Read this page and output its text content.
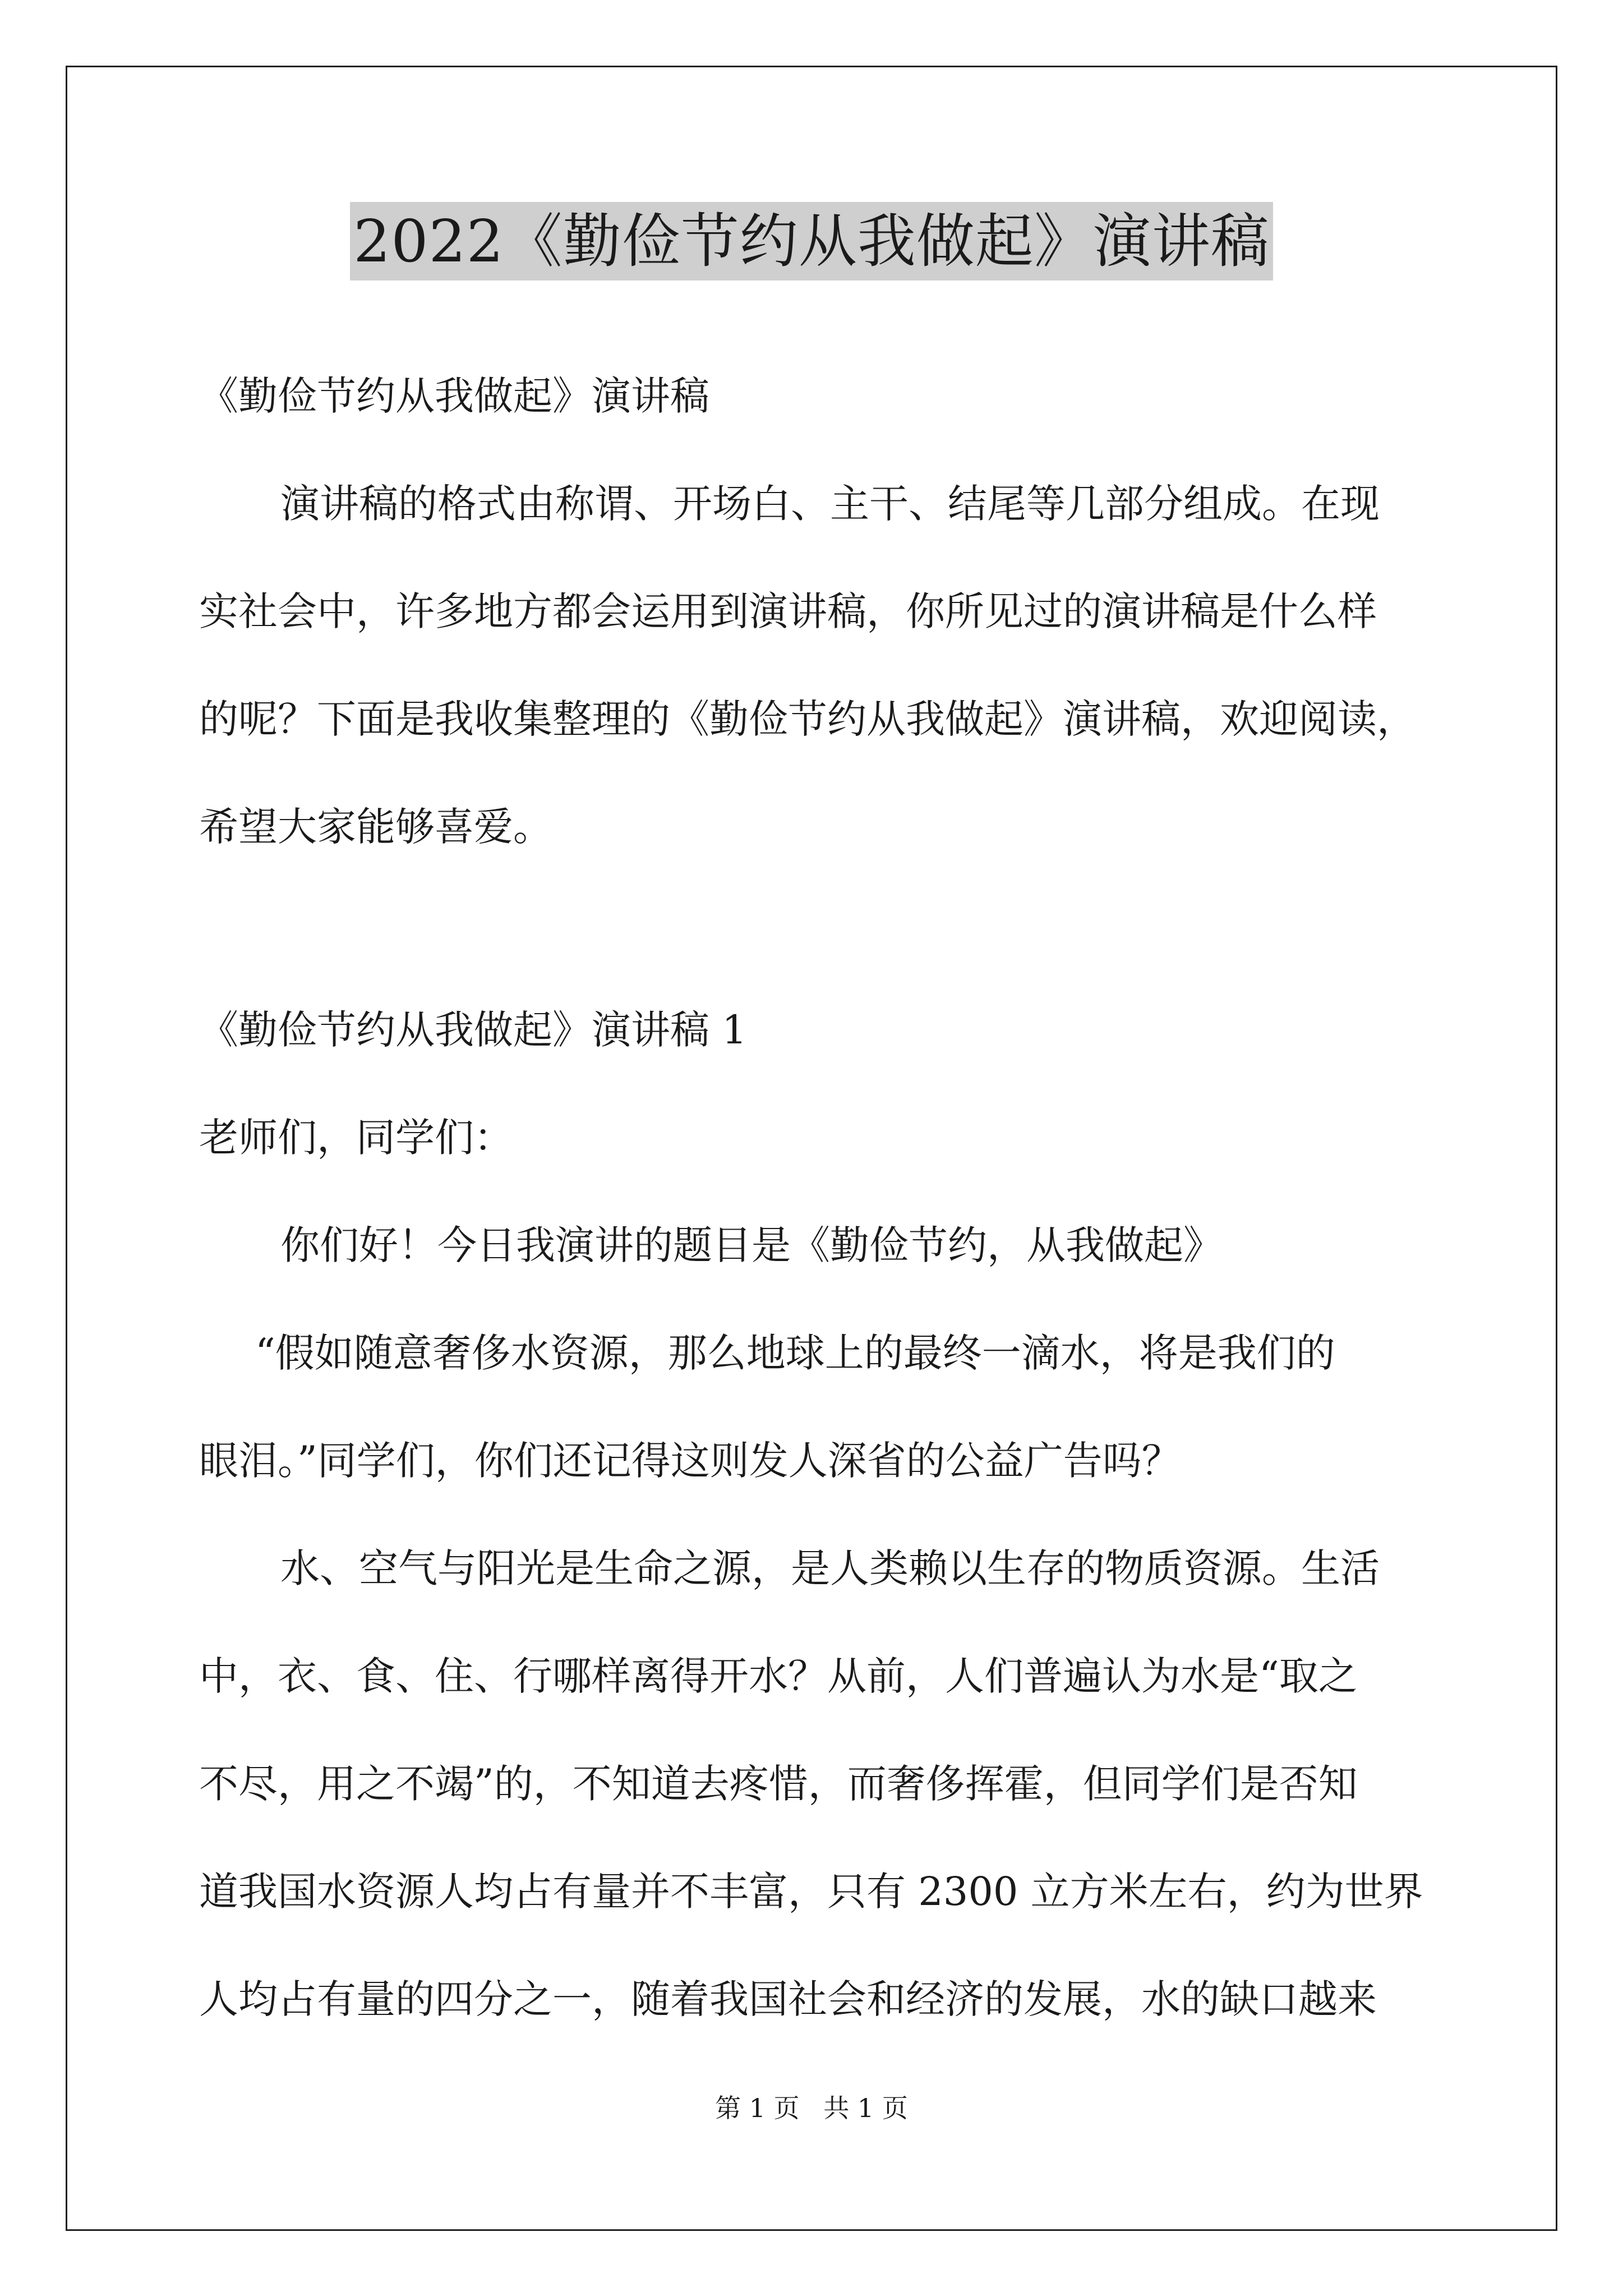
2022《勤俭节约从我做起》演讲稿

《勤俭节约从我做起》演讲稿

演讲稿的格式由称谓、开场白、主干、结尾等几部分组成。在现

实社会中，许多地方都会运用到演讲稿，你所见过的演讲稿是什么样

的呢？下面是我收集整理的《勤俭节约从我做起》演讲稿，欢迎阅读，

希望大家能够喜爱。

《勤俭节约从我做起》演讲稿 1

老师们，同学们：

你们好！今日我演讲的题目是《勤俭节约，从我做起》

“假如随意奢侈水资源，那么地球上的最终一滴水，将是我们的

眼泪。”同学们，你们还记得这则发人深省的公益广告吗？

水、空气与阳光是生命之源，是人类赖以生存的物质资源。生活

中，衣、食、住、行哪样离得开水？从前，人们普遍认为水是“取之

不尽，用之不竭”的，不知道去疼惜，而奢侈挥霍，但同学们是否知

道我国水资源人均占有量并不丰富，只有 2300 立方米左右，约为世界

人均占有量的四分之一，随着我国社会和经济的发展，水的缺口越来

第 1 页 共 1 页
